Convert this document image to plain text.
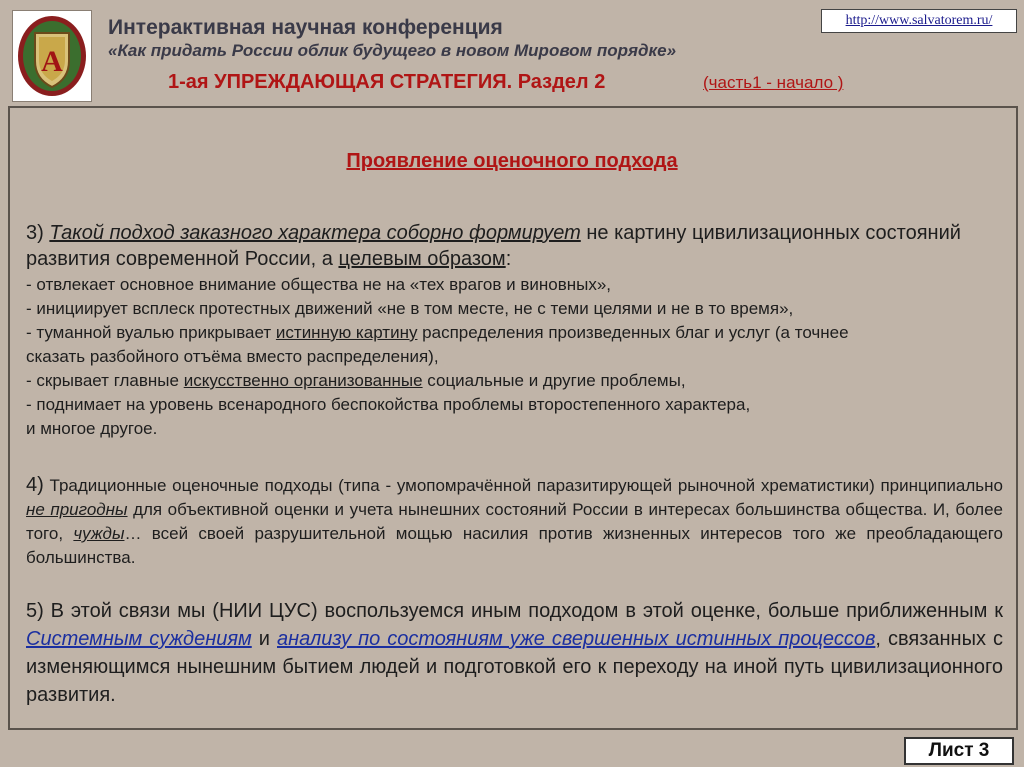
А
Интерактивная научная конференция
«Как придать России облик будущего в новом Мировом порядке»
http://www.salvatorem.ru/
1-ая УПРЕЖДАЮЩАЯ СТРАТЕГИЯ. Раздел 2	(часть1 - начало )
Проявление оценочного подхода
3) Такой подход заказного характера соборно формирует не картину цивилизационных состояний развития современной России, а целевым образом:
- отвлекает основное внимание общества не на «тех врагов и виновных»,
- инициирует всплеск протестных движений «не в том месте, не с теми целями и не в то время»,
- туманной вуалью прикрывает истинную картину распределения произведенных благ и услуг (а точнее
сказать разбойного отъёма вместо распределения),
- скрывает главные искусственно организованные социальные и другие проблемы,
- поднимает на уровень всенародного беспокойства проблемы второстепенного характера,
и многое другое.
4) Традиционные оценочные подходы (типа - умопомрачённой паразитирующей рыночной хрематистики) принципиально не пригодны для объективной оценки и учета нынешних состояний России в интересах большинства общества. И, более того, чужды… всей своей разрушительной мощью насилия против жизненных интересов того же преобладающего большинства.
5) В этой связи мы (НИИ ЦУС) воспользуемся иным подходом в этой оценке, больше приближенным к Системным суждениям и анализу по состояниям уже свершенных истинных процессов, связанных с изменяющимся нынешним бытием людей и подготовкой его к переходу на иной путь цивилизационного развития.
Лист 3
